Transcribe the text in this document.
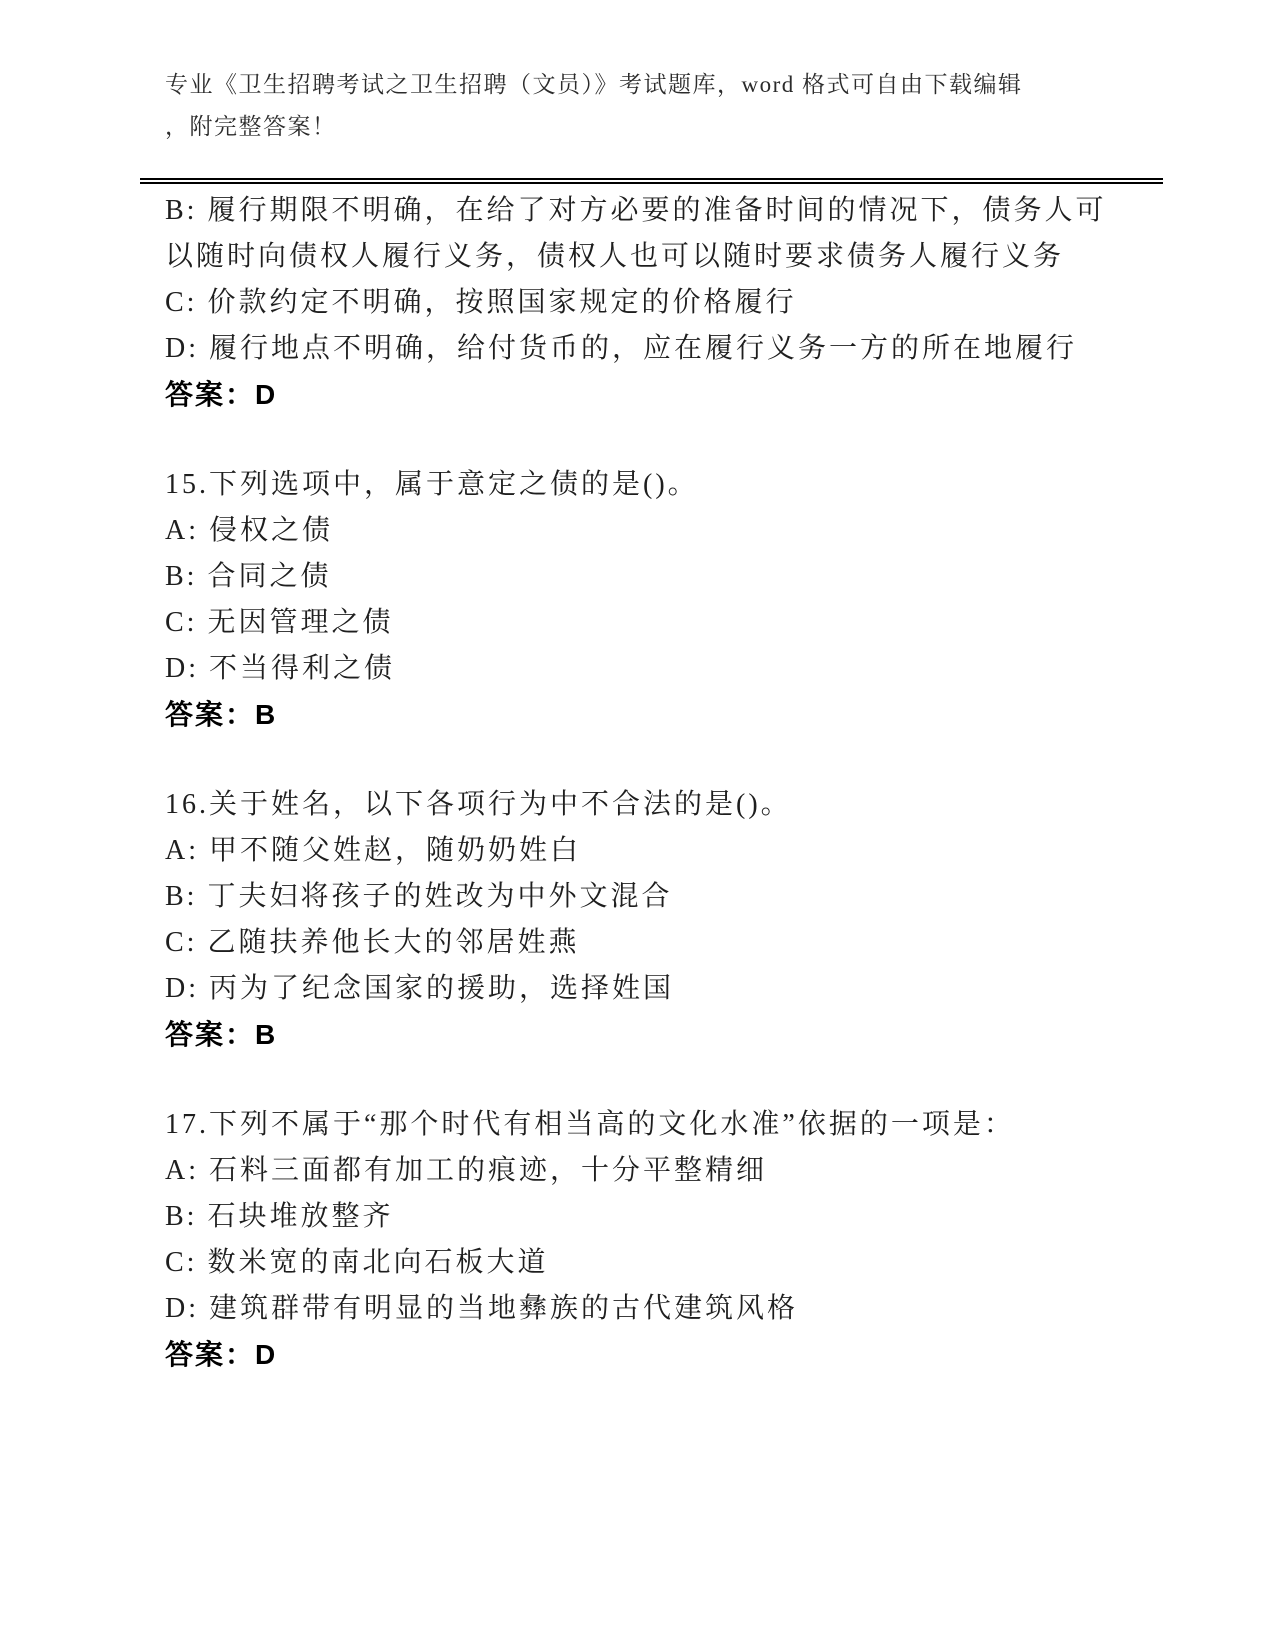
专业《卫生招聘考试之卫生招聘（文员）》考试题库，word 格式可自由下载编辑
，附完整答案！
B: 履行期限不明确，在给了对方必要的准备时间的情况下，债务人可以随时向债权人履行义务，债权人也可以随时要求债务人履行义务
C: 价款约定不明确，按照国家规定的价格履行
D: 履行地点不明确，给付货币的，应在履行义务一方的所在地履行
答案：D
15.下列选项中，属于意定之债的是()。
A: 侵权之债
B: 合同之债
C: 无因管理之债
D: 不当得利之债
答案：B
16.关于姓名，以下各项行为中不合法的是()。
A: 甲不随父姓赵，随奶奶姓白
B: 丁夫妇将孩子的姓改为中外文混合
C: 乙随扶养他长大的邻居姓燕
D: 丙为了纪念国家的援助，选择姓国
答案：B
17.下列不属于“那个时代有相当高的文化水准”依据的一项是：
A: 石料三面都有加工的痕迹，十分平整精细
B: 石块堆放整齐
C: 数米宽的南北向石板大道
D: 建筑群带有明显的当地彝族的古代建筑风格
答案：D
